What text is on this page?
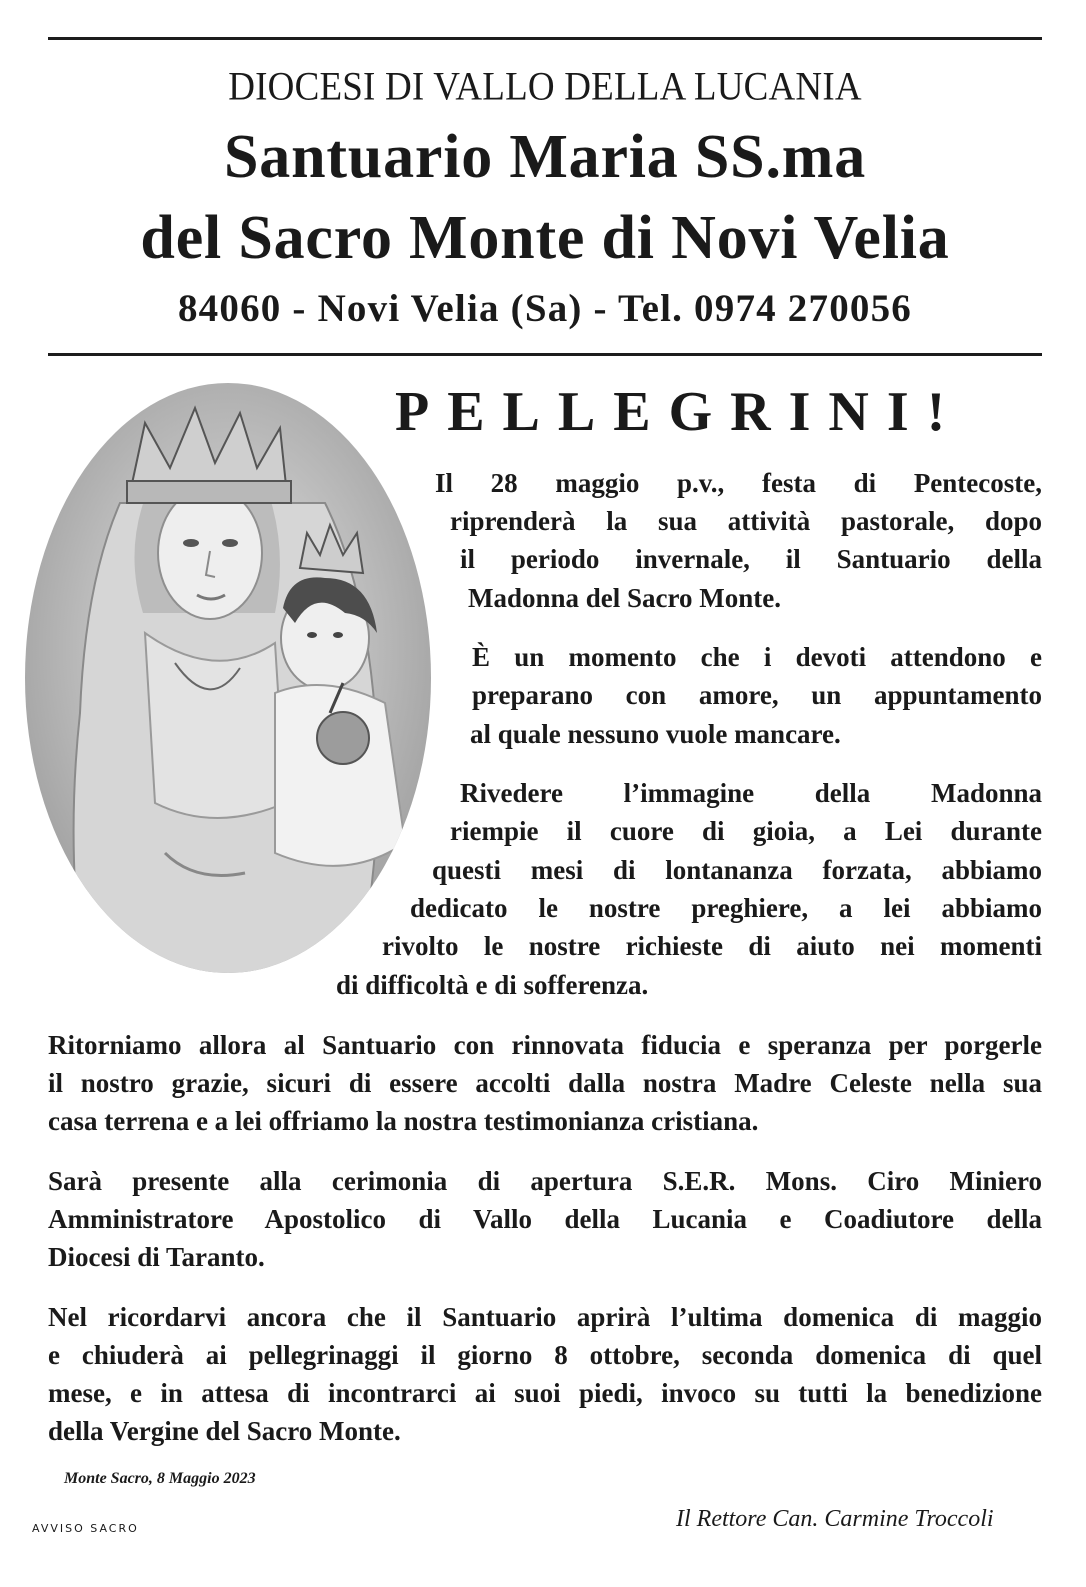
DIOCESI DI VALLO DELLA LUCANIA
Santuario Maria SS.ma
del Sacro Monte di Novi Velia
84060 - Novi Velia (Sa) - Tel. 0974 270056
PELLEGRINI!
Il 28 maggio p.v., festa di Pentecoste,
riprenderà la sua attività pastorale, dopo
il periodo invernale, il Santuario della
Madonna del Sacro Monte.
È un momento che i devoti attendono e
preparano con amore, un appuntamento
al quale nessuno vuole mancare.
Rivedere l’immagine della Madonna
riempie il cuore di gioia, a Lei durante
questi mesi di lontananza forzata, abbiamo
dedicato le nostre preghiere, a lei abbiamo
rivolto le nostre richieste di aiuto nei momenti
di difficoltà e di sofferenza.
Ritorniamo allora al Santuario con rinnovata fiducia e speranza per porgerle
il nostro grazie, sicuri di essere accolti dalla nostra Madre Celeste nella sua
casa terrena e a lei offriamo la nostra testimonianza cristiana.
Sarà presente alla cerimonia di apertura S.E.R. Mons. Ciro Miniero
Amministratore Apostolico di Vallo della Lucania e Coadiutore della
Diocesi di Taranto.
Nel ricordarvi ancora che il Santuario aprirà l’ultima domenica di maggio
e chiuderà ai pellegrinaggi il giorno 8 ottobre, seconda domenica di quel
mese, e in attesa di incontrarci ai suoi piedi, invoco su tutti la benedizione
della Vergine del Sacro Monte.
Monte Sacro, 8 Maggio 2023
AVVISO SACRO	Il Rettore Can. Carmine Troccoli
